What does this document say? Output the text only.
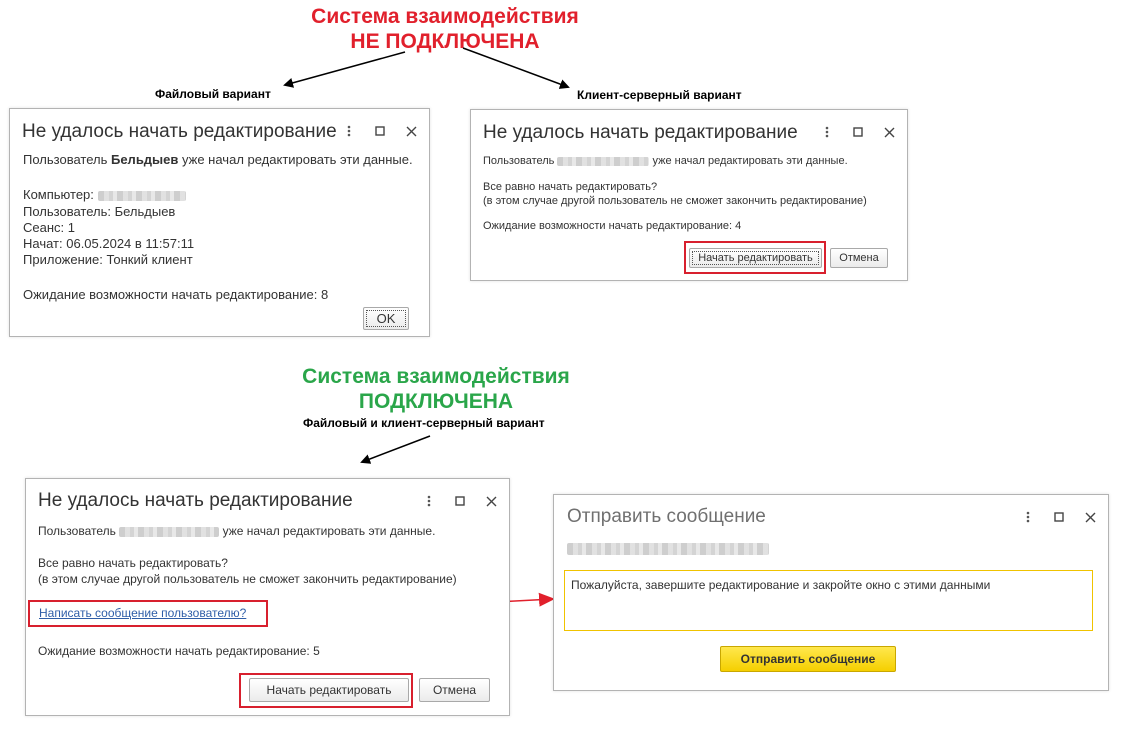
Система взаимодействия
НЕ ПОДКЛЮЧЕНА
Система взаимодействия
ПОДКЛЮЧЕНА
Файловый вариант	Клиент-серверный вариант
Файловый и клиент-серверный вариант
Не удалось начать редактирование
Пользователь Бельдыев уже начал редактировать эти данные.
Компьютер:
Пользователь: Бельдыев
Сеанс: 1
Начат: 06.05.2024 в 11:57:11
Приложение: Тонкий клиент
Ожидание возможности начать редактирование: 8
OK
Не удалось начать редактирование
Пользователь	уже начал редактировать эти данные.
Все равно начать редактировать?
(в этом случае другой пользователь не сможет закончить редактирование)
Ожидание возможности начать редактирование: 4
Начать редактировать	Отмена
Не удалось начать редактирование
Пользователь	уже начал редактировать эти данные.
Все равно начать редактировать?
(в этом случае другой пользователь не сможет закончить редактирование)
Написать сообщение пользователю?
Ожидание возможности начать редактирование: 5
Начать редактировать	Отмена
Отправить сообщение
Пожалуйста, завершите редактирование и закройте окно с этими данными
Отправить сообщение
